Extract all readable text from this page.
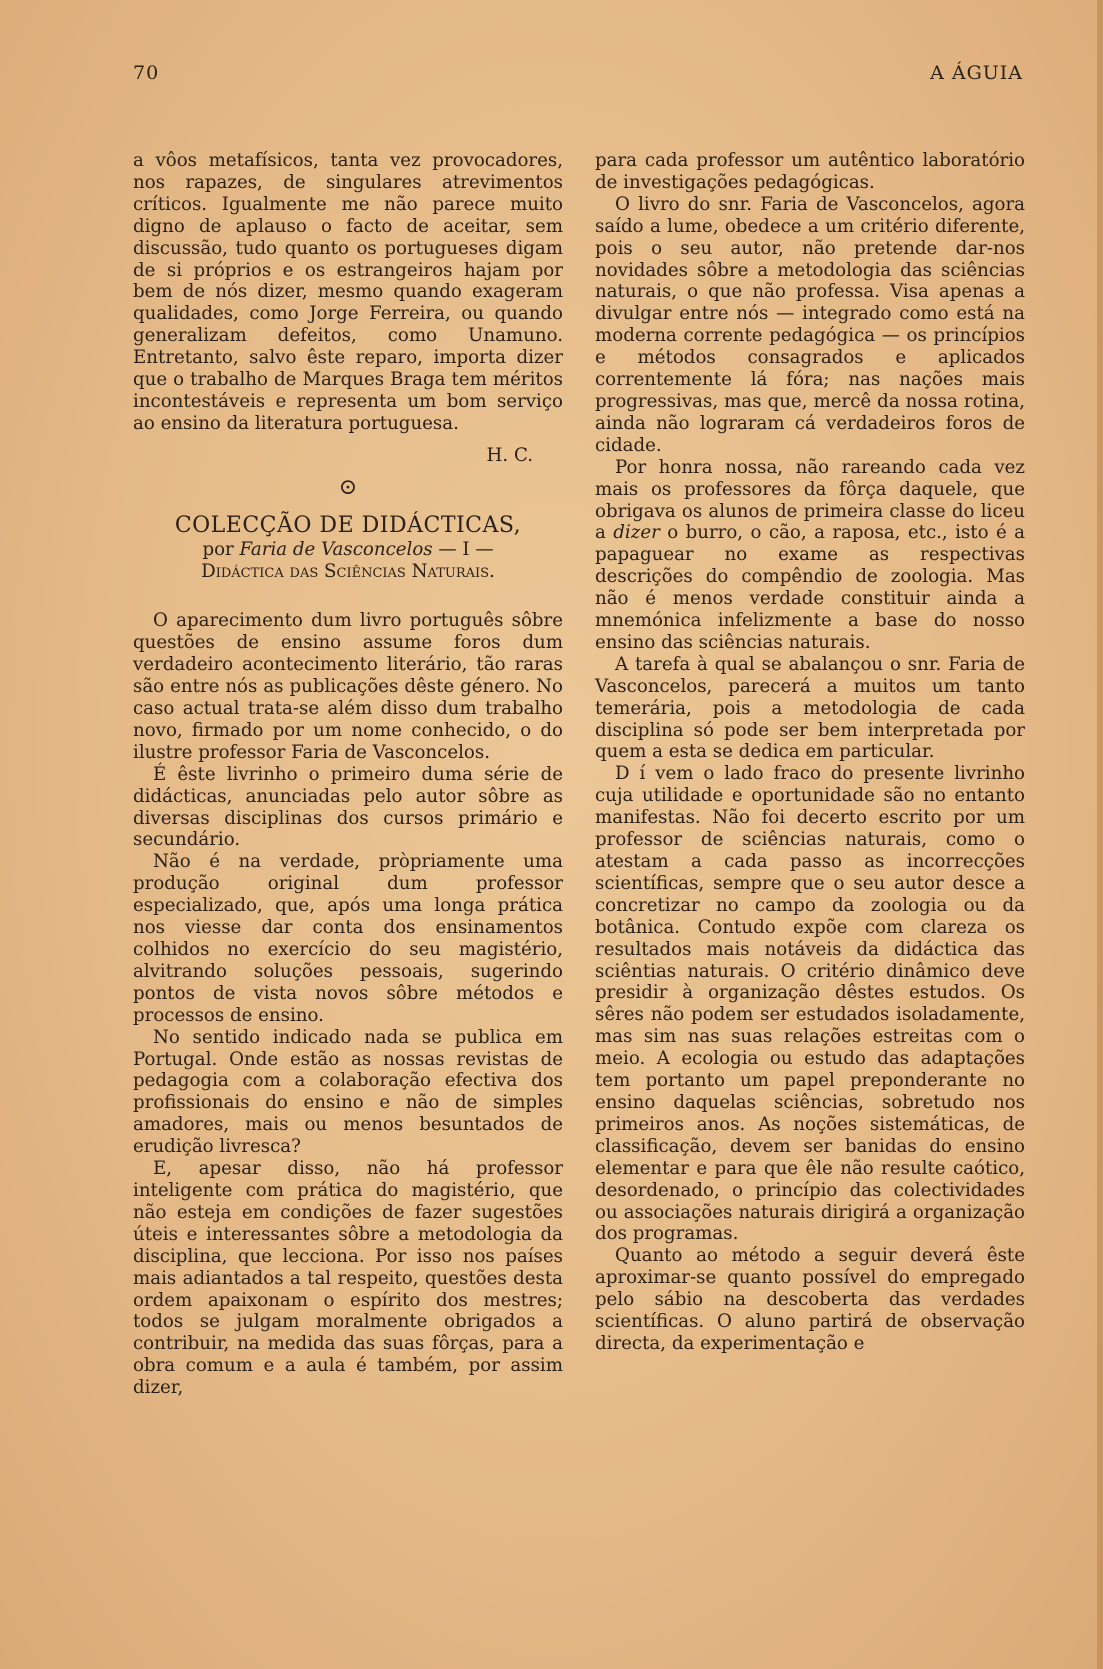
70	A ÁGUIA

a vôos metafísicos, tanta vez provocadores, nos rapazes, de singulares atrevimentos críticos. Igualmente me não parece muito digno de aplauso o facto de aceitar, sem discussão, tudo quanto os portugueses digam de si próprios e os estrangeiros hajam por bem de nós dizer, mesmo quando exageram qualidades, como Jorge Ferreira, ou quando generalizam defeitos, como Unamuno. Entretanto, salvo êste reparo, importa dizer que o trabalho de Marques Braga tem méritos incontestáveis e representa um bom serviço ao ensino da literatura portuguesa.

H. C.

⊙

COLECÇÃO DE DIDÁCTICAS,

por Faria de Vasconcelos — I —

Didáctica das Sciências Naturais.

O aparecimento dum livro português sôbre questões de ensino assume foros dum verdadeiro acontecimento literário, tão raras são entre nós as publicações dêste género. No caso actual trata-se além disso dum trabalho novo, firmado por um nome conhecido, o do ilustre professor Faria de Vasconcelos.

É êste livrinho o primeiro duma série de didácticas, anunciadas pelo autor sôbre as diversas disciplinas dos cursos primário e secundário.

Não é na verdade, pròpriamente uma produção original dum professor especializado, que, após uma longa prática nos viesse dar conta dos ensinamentos colhidos no exercício do seu magistério, alvitrando soluções pessoais, sugerindo pontos de vista novos sôbre métodos e processos de ensino.

No sentido indicado nada se publica em Portugal. Onde estão as nossas revistas de pedagogia com a colaboração efectiva dos profissionais do ensino e não de simples amadores, mais ou menos besuntados de erudição livresca?

E, apesar disso, não há professor inteligente com prática do magistério, que não esteja em condições de fazer sugestões úteis e interessantes sôbre a metodologia da disciplina, que lecciona. Por isso nos países mais adiantados a tal respeito, questões desta ordem apaixonam o espírito dos mestres; todos se julgam moralmente obrigados a contribuir, na medida das suas fôrças, para a obra comum e a aula é também, por assim dizer,

para cada professor um autêntico laboratório de investigações pedagógicas.

O livro do snr. Faria de Vasconcelos, agora saído a lume, obedece a um critério diferente, pois o seu autor, não pretende dar-nos novidades sôbre a metodologia das sciências naturais, o que não professa. Visa apenas a divulgar entre nós — integrado como está na moderna corrente pedagógica — os princípios e métodos consagrados e aplicados correntemente lá fóra; nas nações mais progressivas, mas que, mercê da nossa rotina, ainda não lograram cá verdadeiros foros de cidade.

Por honra nossa, não rareando cada vez mais os professores da fôrça daquele, que obrigava os alunos de primeira classe do liceu a dizer o burro, o cão, a raposa, etc., isto é a papaguear no exame as respectivas descrições do compêndio de zoologia. Mas não é menos verdade constituir ainda a mnemónica infelizmente a base do nosso ensino das sciências naturais.

A tarefa à qual se abalançou o snr. Faria de Vasconcelos, parecerá a muitos um tanto temerária, pois a metodologia de cada disciplina só pode ser bem interpretada por quem a esta se dedica em particular.

D í vem o lado fraco do presente livrinho cuja utilidade e oportunidade são no entanto manifestas. Não foi decerto escrito por um professor de sciências naturais, como o atestam a cada passo as incorrecções scientíficas, sempre que o seu autor desce a concretizar no campo da zoologia ou da botânica. Contudo expõe com clareza os resultados mais notáveis da didáctica das sciêntias naturais. O critério dinâmico deve presidir à organização dêstes estudos. Os sêres não podem ser estudados isoladamente, mas sim nas suas relações estreitas com o meio. A ecologia ou estudo das adaptações tem portanto um papel preponderante no ensino daquelas sciências, sobretudo nos primeiros anos. As noções sistemáticas, de classificação, devem ser banidas do ensino elementar e para que êle não resulte caótico, desordenado, o princípio das colectividades ou associações naturais dirigirá a organização dos programas.

Quanto ao método a seguir deverá êste aproximar-se quanto possível do empregado pelo sábio na descoberta das verdades scientíficas. O aluno partirá de observação directa, da experimentação e
